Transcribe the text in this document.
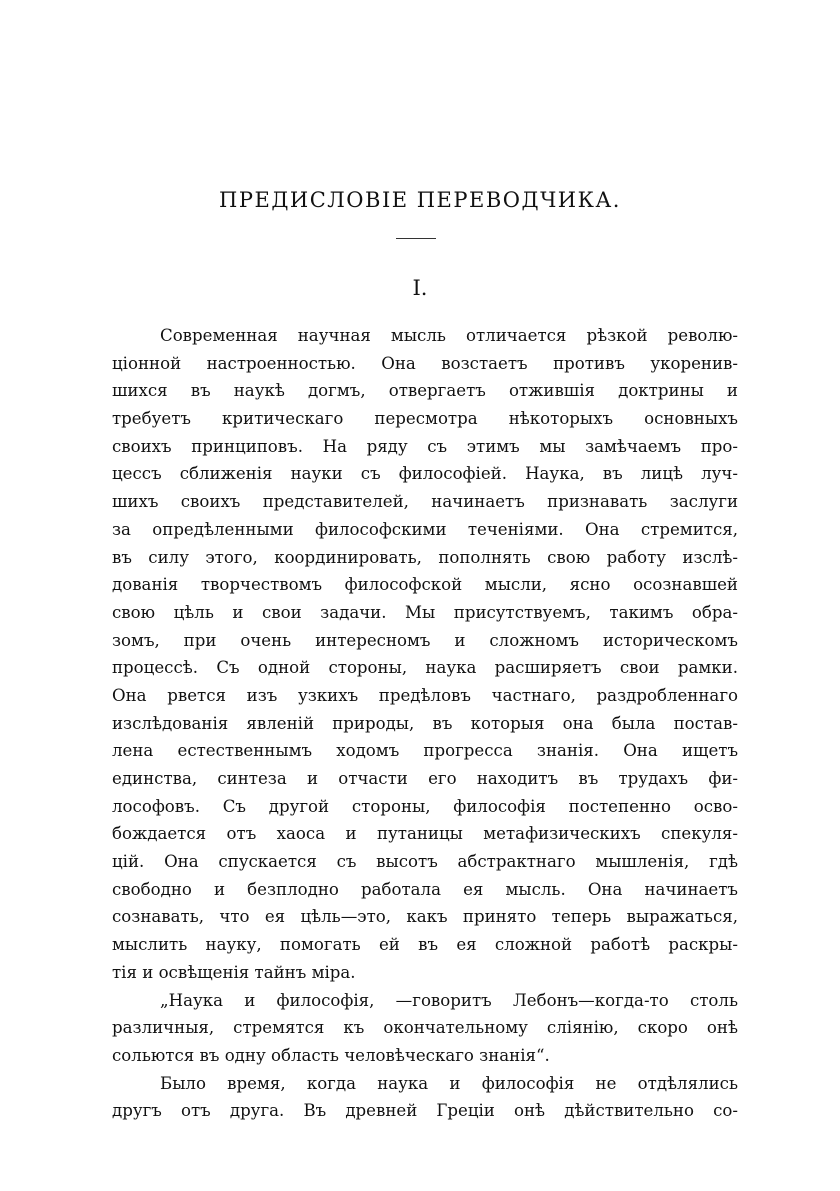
ПРЕДИСЛОВІЕ ПЕРЕВОДЧИКА.
I.
Современная научная мысль отличается рѣзкой револю-
ціонной настроенностью. Она возстаетъ противъ укоренив-
шихся въ наукѣ догмъ, отвергаетъ отжившія доктрины и
требуетъ критическаго пересмотра нѣкоторыхъ основныхъ
своихъ принциповъ. На ряду съ этимъ мы замѣчаемъ про-
цессъ сближенія науки съ философіей. Наука, въ лицѣ луч-
шихъ своихъ представителей, начинаетъ признавать заслуги
за опредѣленными философскими теченіями. Она стремится,
въ силу этого, координировать, пополнять свою работу изслѣ-
дованія творчествомъ философской мысли, ясно осознавшей
свою цѣль и свои задачи. Мы присутствуемъ, такимъ обра-
зомъ, при очень интересномъ и сложномъ историческомъ
процессѣ. Съ одной стороны, наука расширяетъ свои рамки.
Она рвется изъ узкихъ предѣловъ частнаго, раздробленнаго
изслѣдованія явленій природы, въ которыя она была постав-
лена естественнымъ ходомъ прогресса знанія. Она ищетъ
единства, синтеза и отчасти его находитъ въ трудахъ фи-
лософовъ. Съ другой стороны, философія постепенно осво-
бождается отъ хаоса и путаницы метафизическихъ спекуля-
цій. Она спускается съ высотъ абстрактнаго мышленія, гдѣ
свободно и безплодно работала ея мысль. Она начинаетъ
сознавать, что ея цѣль—это, какъ принято теперь выражаться,
мыслить науку, помогать ей въ ея сложной работѣ раскры-
тія и освѣщенія тайнъ міра.
„Наука и философія, —говоритъ Лебонъ—когда-то столь
различныя, стремятся къ окончательному слiянію, скоро онѣ
сольются въ одну область человѣческаго знанія“.
Было время, когда наука и философія не отдѣлялись
другъ отъ друга. Въ древней Греціи онѣ дѣйствительно со-
